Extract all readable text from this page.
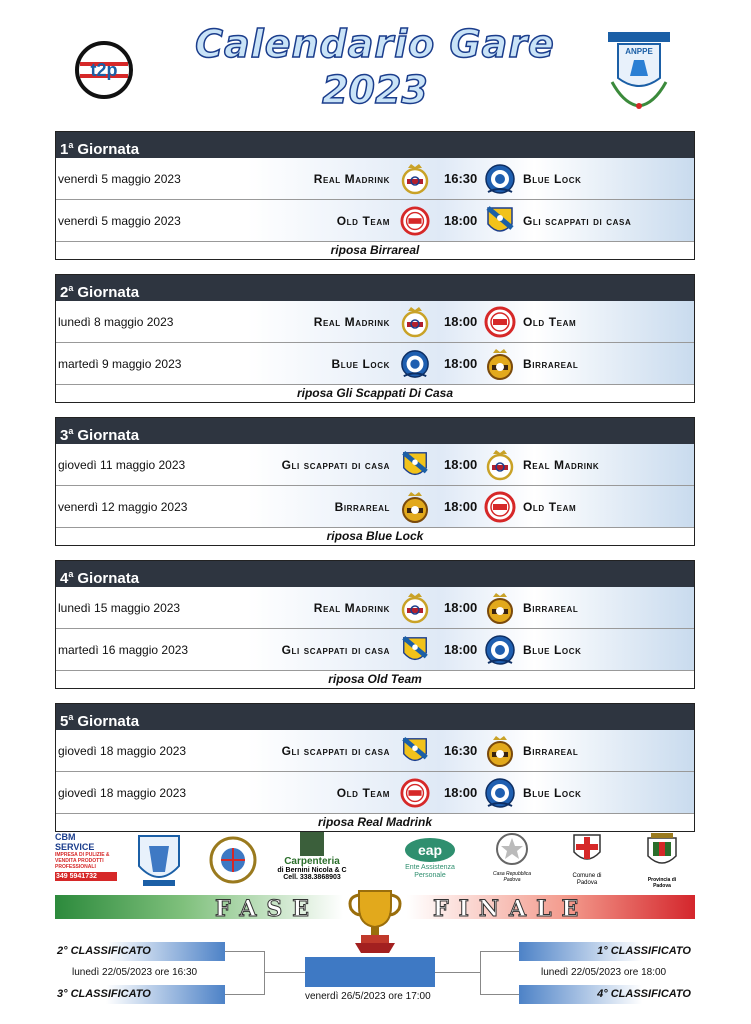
t2p
ANPPE
Calendario Gare
2023
1$^a$ Giornata
venerdì 5 maggio 2023	Real Madrink	16:30	Blue Lock
venerdì 5 maggio 2023	Old Team	18:00	Gli scappati di casa
riposa Birrareal
2$^a$ Giornata
lunedì 8 maggio 2023	Real Madrink	18:00	Old Team
martedì 9 maggio 2023	Blue Lock	18:00	Birrareal
riposa Gli Scappati Di Casa
3$^a$ Giornata
giovedì 11 maggio 2023	Gli scappati di casa	18:00	Real Madrink
venerdì 12 maggio 2023	Birrareal	18:00	Old Team
riposa Blue Lock
4$^a$ Giornata
lunedì 15 maggio 2023	Real Madrink	18:00	Birrareal
martedì 16 maggio 2023	Gli scappati di casa	18:00	Blue Lock
riposa Old Team
5$^a$ Giornata
giovedì 18 maggio 2023	Gli scappati di casa	16:30	Birrareal
giovedì 18 maggio 2023	Old Team	18:00	Blue Lock
riposa Real Madrink
CBM SERVICE
IMPRESA DI PULIZIE & VENDITA PRODOTTI PROFESSIONALI
349 5941732
Carpenteria
di Bernini Nicola & C
Cell. 338.3868903
eap
Ente Assistenza Personale	Casa Repubblica Padova
Comune di Padova	Provincia di Padova
FASE	FINALE
2° CLASSIFICATO
3° CLASSIFICATO
lunedì 22/05/2023 ore 16:30
1° CLASSIFICATO
4° CLASSIFICATO
lunedì 22/05/2023 ore 18:00
venerdì 26/5/2023 ore 17:00
